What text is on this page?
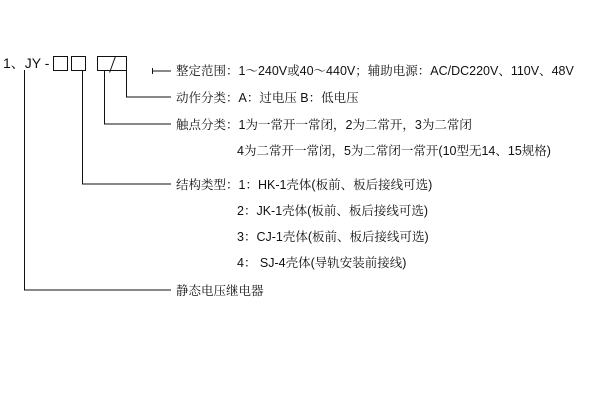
1、JY -	整定范围：1～240V或40～440V；辅助电源：AC/DC220V、110V、48V
动作分类：A：过电压 B：低电压
触点分类：1为一常开一常闭，2为二常开，3为二常闭
4为二常开一常闭，5为二常闭一常开(10型无14、15规格)
结构类型：1：HK-1壳体(板前、板后接线可选)
2：JK-1壳体(板前、板后接线可选)
3：CJ-1壳体(板前、板后接线可选)
4： SJ-4壳体(导轨安装前接线)
静态电压继电器
